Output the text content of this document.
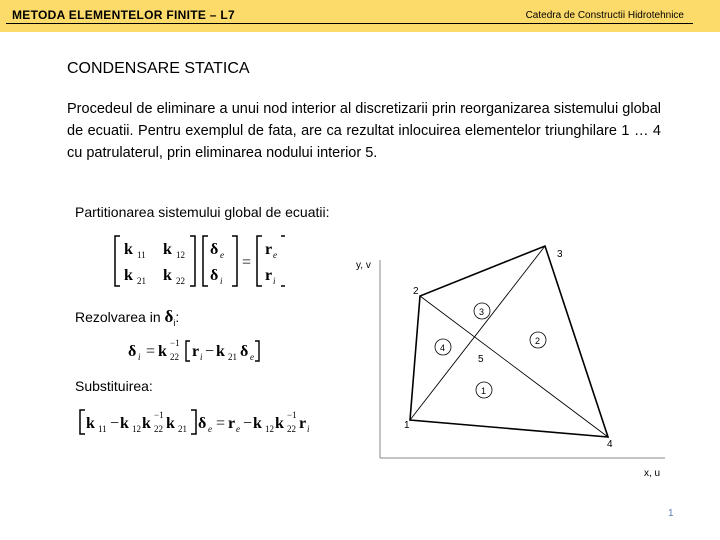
METODA ELEMENTELOR FINITE – L7	Catedra de Constructii Hidrotehnice
CONDENSARE STATICA
Procedeul de eliminare a unui nod interior al discretizarii prin reorganizarea sistemului global de ecuatii. Pentru exemplul de fata, are ca rezultat inlocuirea elementelor triunghilare 1 … 4 cu patrulaterul, prin eliminarea nodului interior 5.
Partitionarea sistemului global de ecuatii:
k 11 k 12
k 21 k 22
δ e
δ i
=
r e
r i
Rezolvarea in $\delta_i$:
δ i = k 22
−1 r i − k 21 δ e
Substituirea:
k 11 − k 12 k 22
−1 k 21 δ e = r e − k 12 k 22
−1 r i
y, v
x, u
1
2
3
4
5
1
2
3
4
1
